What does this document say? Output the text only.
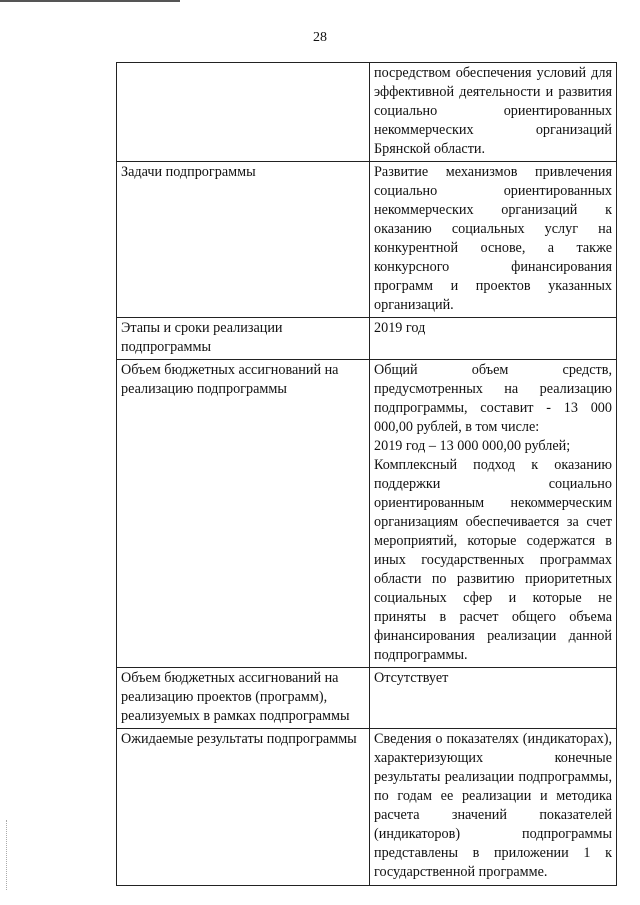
28
	посредством обеспечения условий для эффективной деятельности и развития социально ориентированных некоммерческих организаций Брянской области.
Задачи подпрограммы	Развитие механизмов привлечения социально ориентированных некоммерческих организаций к оказанию социальных услуг на конкурентной основе, а также конкурсного финансирования программ и проектов указанных организаций.
Этапы и сроки реализации подпрограммы	2019 год
Объем бюджетных ассигнований на реализацию подпрограммы	Общий объем средств, предусмотренных на реализацию подпрограммы, составит - 13 000 000,00 рублей, в том числе:
2019 год – 13 000 000,00 рублей;
Комплексный подход к оказанию поддержки социально ориентированным некоммерческим организациям обеспечивается за счет мероприятий, которые содержатся в иных государственных программах области по развитию приоритетных социальных сфер и которые не приняты в расчет общего объема финансирования реализации данной подпрограммы.

Объем бюджетных ассигнований на реализацию проектов (программ), реализуемых в рамках подпрограммы	Отсутствует
Ожидаемые результаты подпрограммы	Сведения о показателях (индикаторах), характеризующих конечные результаты реализации подпрограммы, по годам ее реализации и методика расчета значений показателей (индикаторов) подпрограммы представлены в приложении 1 к государственной программе.
